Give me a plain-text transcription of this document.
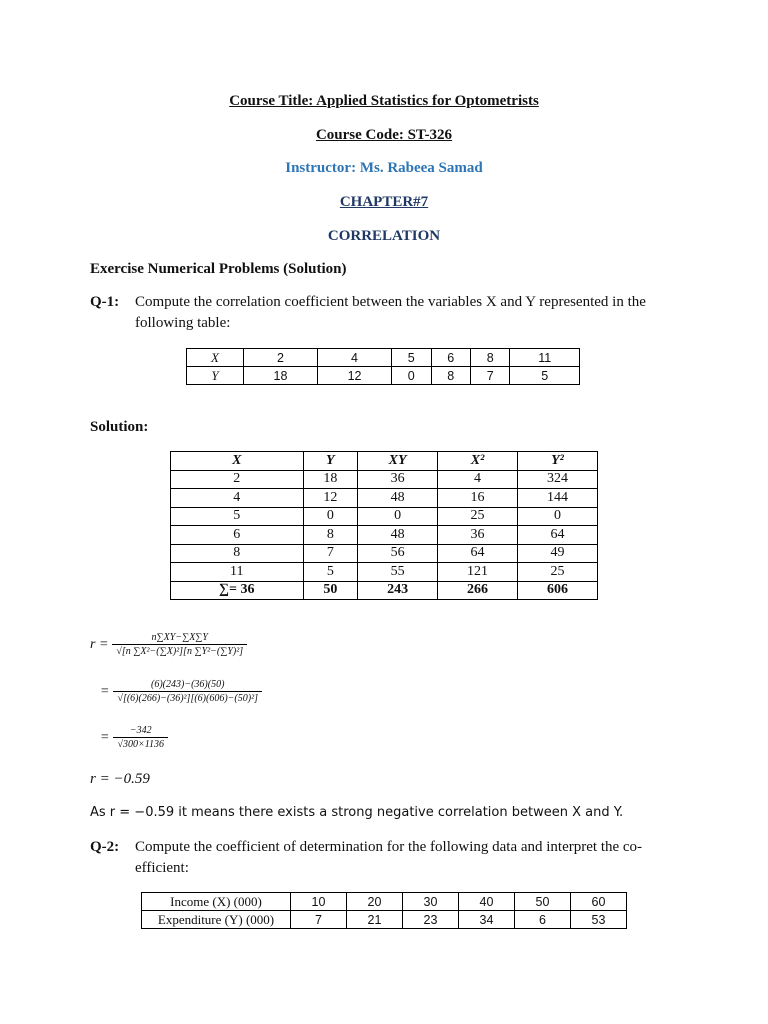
Course Title: Applied Statistics for Optometrists
Course Code: ST-326
Instructor: Ms. Rabeea Samad
CHAPTER#7
CORRELATION
Exercise Numerical Problems (Solution)
Q-1: Compute the correlation coefficient between the variables X and Y represented in the
following table:
X	2	4	5	6	8	11
Y	18	12	0	8	7	5
Solution:
X	Y	XY	X²	Y²
2	18	36	4	324
4	12	48	16	144
5	0	0	25	0
6	8	48	36	64
8	7	56	64	49
11	5	55	121	25
∑= 36	50	243	266	606
$r = \frac{n\sum XY-\sum X\sum Y}{\text{√[n ∑X²−(∑X)²][n ∑Y²−(∑Y)²]}}$
= $\frac{(6)(243)-(36)(50)}{\text{√[(6)(266)−(36)²][(6)(606)−(50)²]}}$
= $\frac{-342}{√300\times 1136}$
r = −0.59
As r = −0.59 it means there exists a strong negative correlation between X and Y.
Q-2: Compute the coefficient of determination for the following data and interpret the co-
efficient:
Income (X) (000)	10	20	30	40	50	60
Expenditure (Y) (000)	7	21	23	34	6	53
